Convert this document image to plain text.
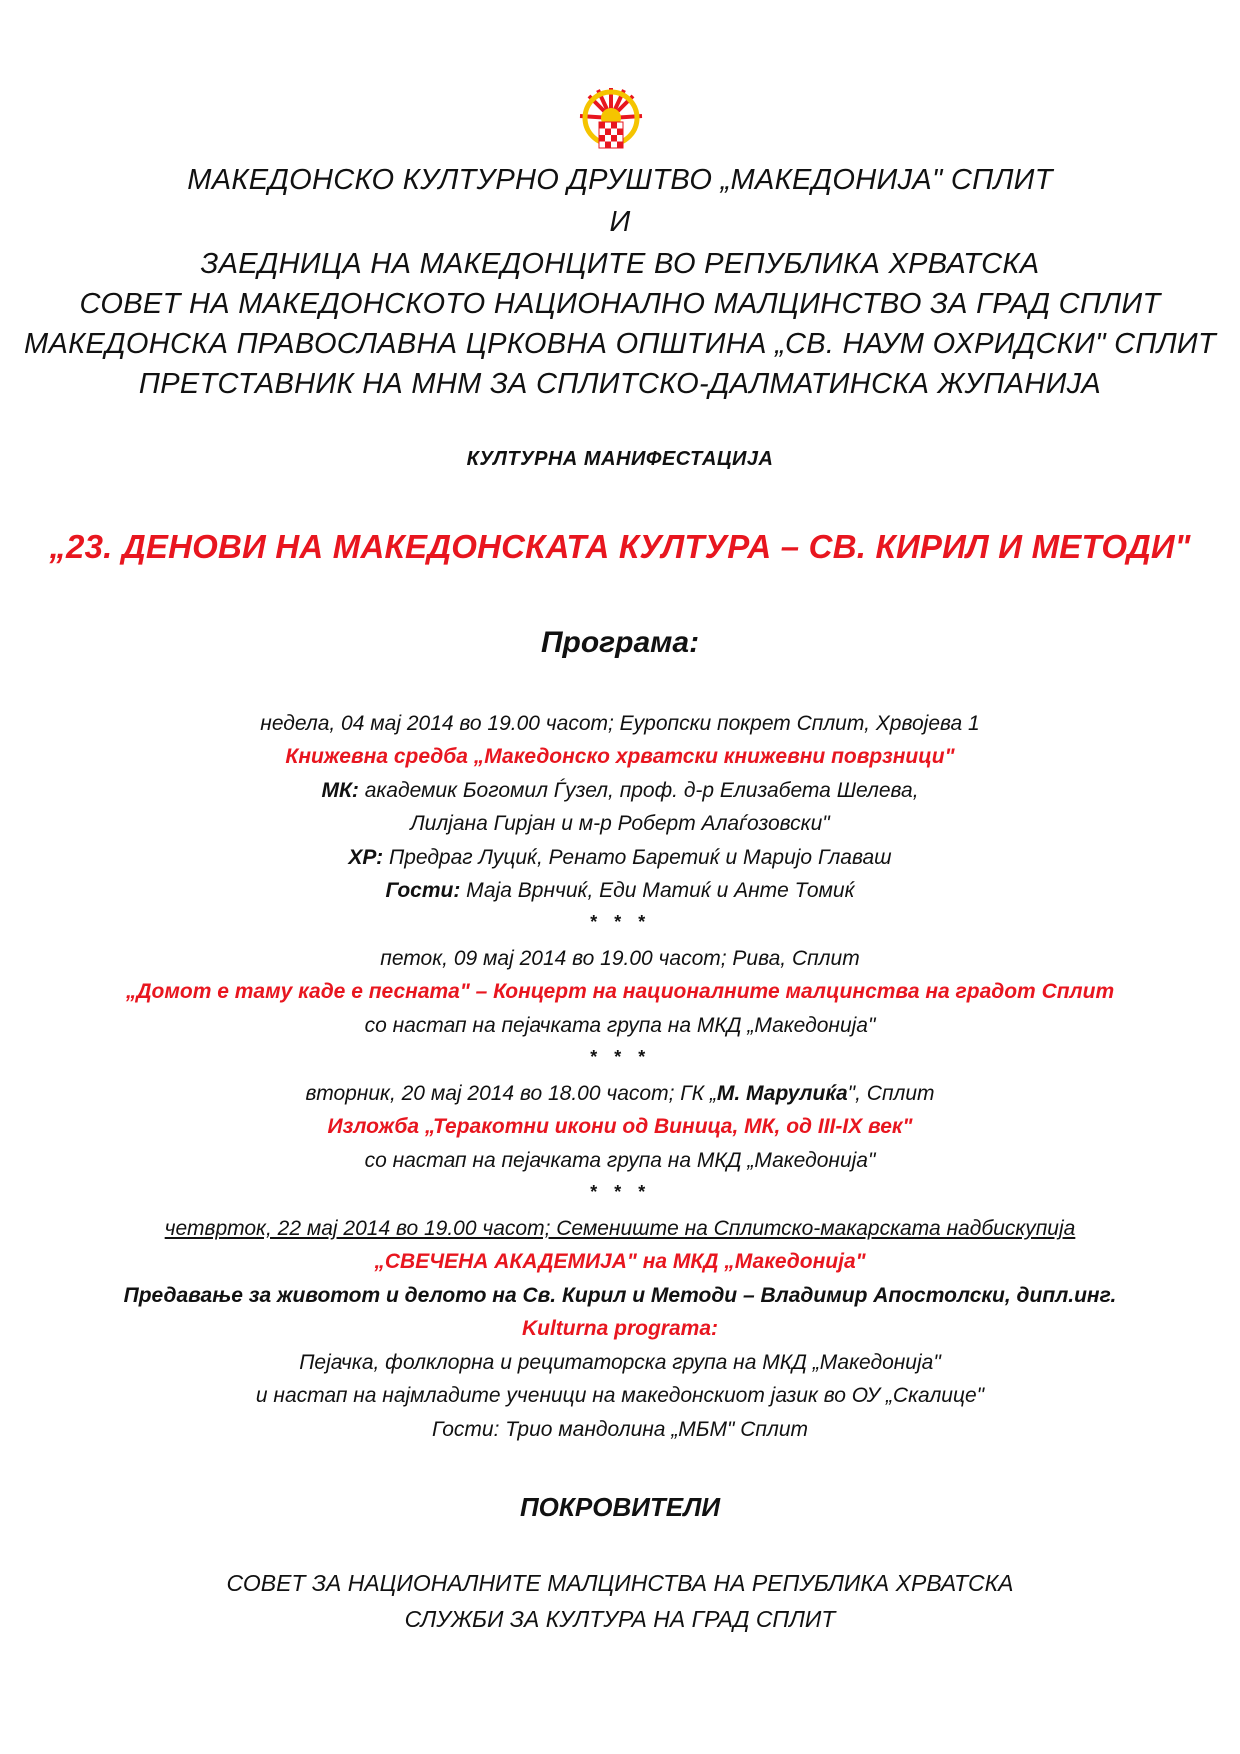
МАКЕДОНСКО КУЛТУРНО ДРУШТВО „МАКЕДОНИЈА" СПЛИТ
И
ЗАЕДНИЦА НА МАКЕДОНЦИТЕ ВО РЕПУБЛИКА ХРВАТСКА
СОВЕТ НА МАКЕДОНСКОТО НАЦИОНАЛНО МАЛЦИНСТВО ЗА ГРАД СПЛИТ
МАКЕДОНСКА ПРАВОСЛАВНА ЦРКОВНА ОПШТИНА „СВ. НАУМ ОХРИДСКИ" СПЛИТ
ПРЕТСТАВНИК НА МНМ ЗА СПЛИТСКО-ДАЛМАТИНСКА ЖУПАНИЈА
КУЛТУРНА МАНИФЕСТАЦИЈА
„23. ДЕНОВИ НА МАКЕДОНСКАТА КУЛТУРА – СВ. КИРИЛ И МЕТОДИ"
Програма:
недела, 04 мај 2014 во 19.00 часот; Еуропски покрет Сплит, Хрвојева 1
Книжевна средба „Македонско хрватски книжевни поврзници"
МК: академик Богомил Ѓузел, проф. д-р Елизабета Шелева,
Лилјана Гирјан и м-р Роберт Алаѓозовски"
ХР: Предраг Луциќ, Ренато Баретиќ и Маријо Главаш
Гости: Маја Врнчиќ, Еди Матиќ и Анте Томиќ
* * *
петок, 09 мај 2014 во 19.00 часот; Рива, Сплит
„Домот е таму каде е песната" – Концерт на националните малцинства на градот Сплит
со настап на пејачката група на МКД „Македонија"
* * *
вторник, 20 мај 2014 во 18.00 часот; ГК „М. Марулиќа", Сплит
Изложба „Теракотни икони од Виница, МК, од III-IX век"
со настап на пејачката група на МКД „Македонија"
* * *
четврток, 22 мај 2014 во 19.00 часот; Семениште на Сплитско-макарската надбискупија
„СВЕЧЕНА АКАДЕМИЈА" на МКД „Македонија"
Предавање за животот и делото на Св. Кирил и Методи – Владимир Апостолски, дипл.инг.
Kulturna programa:
Пејачка, фолклорна и рецитаторска група на МКД „Македонија"
и настап на најмладите ученици на македонскиот јазик во ОУ „Скалице"
Гости: Трио мандолина „МБМ" Сплит
ПОКРОВИТЕЛИ
СОВЕТ ЗА НАЦИОНАЛНИТЕ МАЛЦИНСТВА НА РЕПУБЛИКА ХРВАТСКА
СЛУЖБИ ЗА КУЛТУРА НА ГРАД СПЛИТ
